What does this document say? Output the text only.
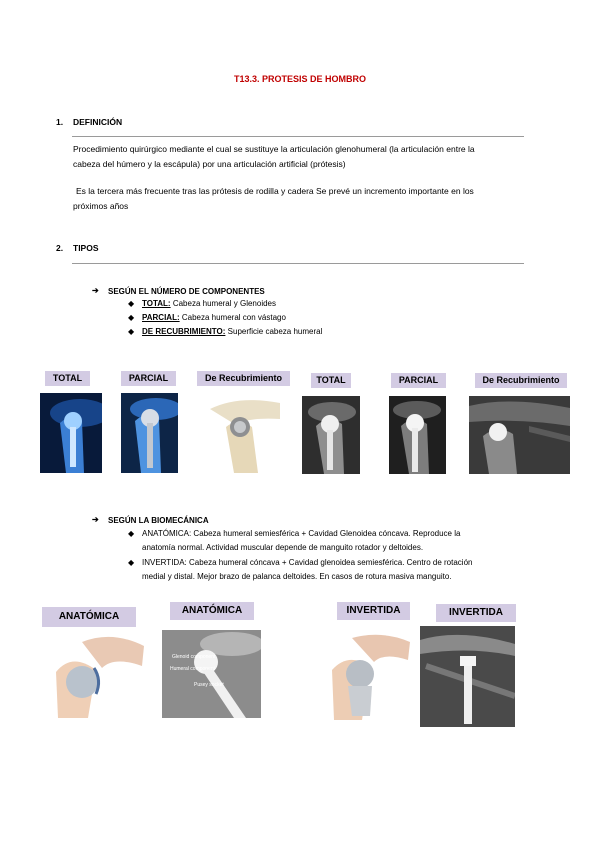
T13.3. PROTESIS DE HOMBRO
1. DEFINICIÓN
Procedimiento quirúrgico mediante el cual se sustituye la articulación glenohumeral (la articulación entre la
cabeza del húmero y la escápula) por una articulación artificial (prótesis)
Es la tercera más frecuente tras las prótesis de rodilla y cadera Se prevé un incremento importante en los
próximos años
2. TIPOS
➔ SEGÚN EL NÚMERO DE COMPONENTES
◆ TOTAL: Cabeza humeral y Glenoides
◆ PARCIAL: Cabeza humeral con vástago
◆ DE RECUBRIMIENTO: Superficie cabeza humeral
TOTAL	PARCIAL	De Recubrimiento	TOTAL	PARCIAL	De Recubrimiento
➔ SEGÚN LA BIOMECÁNICA
◆ ANATÓMICA: Cabeza humeral semiesférica + Cavidad Glenoidea cóncava. Reproduce la
anatomía normal. Actividad muscular depende de manguito rotador y deltoides.
◆ INVERTIDA: Cabeza humeral cóncava + Cavidad glenoidea semiesférica. Centro de rotación
medial y distal. Mejor brazo de palanca deltoides. En casos de rotura masiva manguito.
ANATÓMICA
ANATÓMICA	INVERTIDA	INVERTIDA
Glenoid component
Humeral component
Pusey socket
